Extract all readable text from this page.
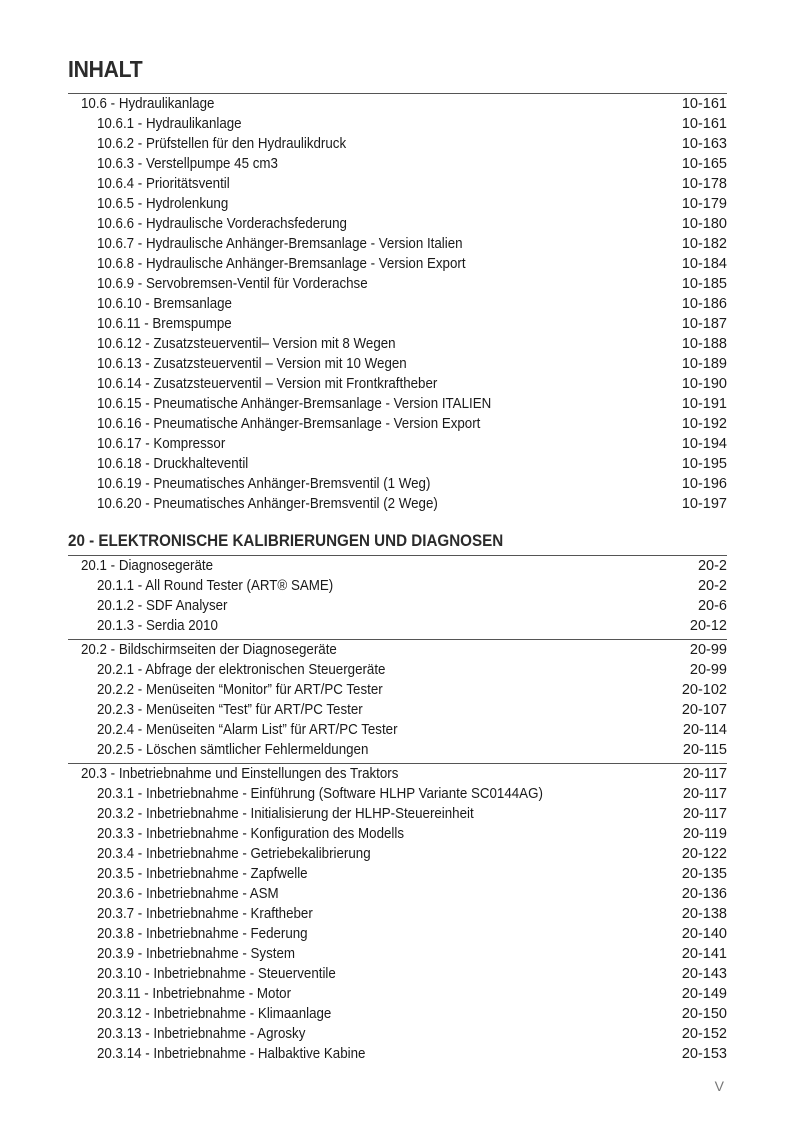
INHALT
10.6 - Hydraulikanlage	10-161
10.6.1 - Hydraulikanlage	10-161
10.6.2 - Prüfstellen für den Hydraulikdruck	10-163
10.6.3 - Verstellpumpe 45 cm3	10-165
10.6.4 - Prioritätsventil	10-178
10.6.5 - Hydrolenkung	10-179
10.6.6 - Hydraulische Vorderachsfederung	10-180
10.6.7 - Hydraulische Anhänger-Bremsanlage - Version Italien	10-182
10.6.8 - Hydraulische Anhänger-Bremsanlage - Version Export	10-184
10.6.9 - Servobremsen-Ventil für Vorderachse	10-185
10.6.10 - Bremsanlage	10-186
10.6.11 - Bremspumpe	10-187
10.6.12 - Zusatzsteuerventil– Version mit 8 Wegen	10-188
10.6.13 - Zusatzsteuerventil – Version mit 10 Wegen	10-189
10.6.14 - Zusatzsteuerventil – Version mit Frontkraftheber	10-190
10.6.15 - Pneumatische Anhänger-Bremsanlage - Version ITALIEN	10-191
10.6.16 - Pneumatische Anhänger-Bremsanlage - Version Export	10-192
10.6.17 - Kompressor	10-194
10.6.18 - Druckhalteventil	10-195
10.6.19 - Pneumatisches Anhänger-Bremsventil (1 Weg)	10-196
10.6.20 - Pneumatisches Anhänger-Bremsventil (2 Wege)	10-197
20 - ELEKTRONISCHE KALIBRIERUNGEN UND DIAGNOSEN
20.1 - Diagnosegeräte	20-2
20.1.1 - All Round Tester (ART® SAME)	20-2
20.1.2 - SDF Analyser	20-6
20.1.3 - Serdia 2010	20-12
20.2 - Bildschirmseiten der Diagnosegeräte	20-99
20.2.1 - Abfrage der elektronischen Steuergeräte	20-99
20.2.2 - Menüseiten “Monitor” für ART/PC Tester	20-102
20.2.3 - Menüseiten “Test” für ART/PC Tester	20-107
20.2.4 - Menüseiten “Alarm List” für ART/PC Tester	20-114
20.2.5 - Löschen sämtlicher Fehlermeldungen	20-115
20.3 - Inbetriebnahme und Einstellungen des Traktors	20-117
20.3.1 - Inbetriebnahme - Einführung (Software HLHP Variante SC0144AG)	20-117
20.3.2 - Inbetriebnahme - Initialisierung der HLHP-Steuereinheit	20-117
20.3.3 - Inbetriebnahme - Konfiguration des Modells	20-119
20.3.4 - Inbetriebnahme - Getriebekalibrierung	20-122
20.3.5 - Inbetriebnahme - Zapfwelle	20-135
20.3.6 - Inbetriebnahme - ASM	20-136
20.3.7 - Inbetriebnahme - Kraftheber	20-138
20.3.8 - Inbetriebnahme - Federung	20-140
20.3.9 - Inbetriebnahme - System	20-141
20.3.10 - Inbetriebnahme - Steuerventile	20-143
20.3.11 - Inbetriebnahme - Motor	20-149
20.3.12 - Inbetriebnahme - Klimaanlage	20-150
20.3.13 - Inbetriebnahme - Agrosky	20-152
20.3.14 - Inbetriebnahme - Halbaktive Kabine	20-153
V
